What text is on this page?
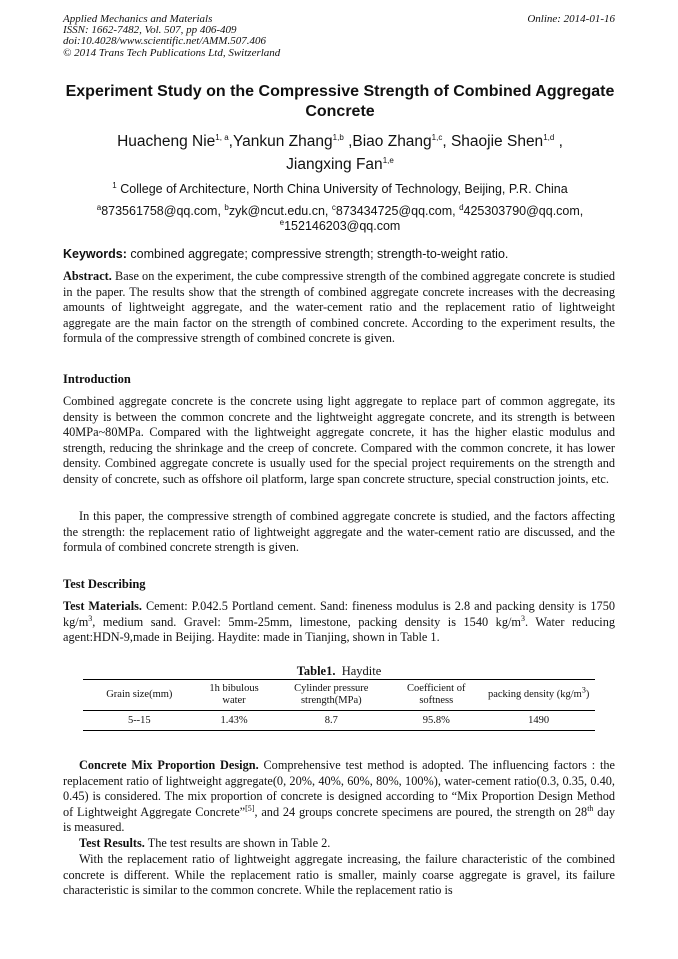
Applied Mechanics and Materials
ISSN: 1662-7482, Vol. 507, pp 406-409
doi:10.4028/www.scientific.net/AMM.507.406
© 2014 Trans Tech Publications Ltd, Switzerland
Online: 2014-01-16
Experiment Study on the Compressive Strength of Combined Aggregate Concrete
Huacheng Nie$^{1, a}$,Yankun Zhang$^{1,b}$ ,Biao Zhang$^{1,c}$, Shaojie Shen$^{1,d}$ ,
Jiangxing Fan$^{1,e}$
$^1$ College of Architecture, North China University of Technology, Beijing, P.R. China
$^a$873561758@qq.com, $^b$zyk@ncut.edu.cn, $^c$873434725@qq.com, $^d$425303790@qq.com,
$^e$152146203@qq.com
Keywords: combined aggregate; compressive strength; strength-to-weight ratio.
Abstract. Base on the experiment, the cube compressive strength of the combined aggregate concrete is studied in the paper. The results show that the strength of combined aggregate concrete increases with the decreasing amounts of lightweight aggregate, and the water-cement ratio and the replacement ratio of lightweight aggregate are the main factor on the strength of combined concrete. According to the experiment results, the formula of the compressive strength of combined concrete is given.
Introduction
Combined aggregate concrete is the concrete using light aggregate to replace part of common aggregate, its density is between the common concrete and the lightweight aggregate concrete, and its strength is between 40MPa~80MPa. Compared with the lightweight aggregate concrete, it has the higher elastic modulus and strength, reducing the shrinkage and the creep of concrete. Compared with the common concrete, it has lower density. Combined aggregate concrete is usually used for the special project requirements on the strength and density of concrete, such as offshore oil platform, large span concrete structure, special construction joints, etc.
In this paper, the compressive strength of combined aggregate concrete is studied, and the factors affecting the strength: the replacement ratio of lightweight aggregate and the water-cement ratio are discussed, and the formula of combined concrete strength is given.
Test Describing
Test Materials. Cement: P.042.5 Portland cement. Sand: fineness modulus is 2.8 and packing density is 1750 $kg/m^3$, medium sand. Gravel: 5mm-25mm, limestone, packing density is 1540 $kg/m^3$. Water reducing agent:HDN-9,made in Beijing. Haydite: made in Tianjing, shown in Table 1.
Table1. Haydite
Grain size(mm)	1h bibulous water	Cylinder pressure strength(MPa)	Coefficient of softness	packing density $(kg/m^3)$
5--15	1.43%	8.7	95.8%	1490
Concrete Mix Proportion Design. Comprehensive test method is adopted. The influencing factors : the replacement ratio of lightweight aggregate(0, 20%, 40%, 60%, 80%, 100%), water-cement ratio(0.3, 0.35, 0.40, 0.45) is considered. The mix proportion of concrete is designed according to “Mix Proportion Design Method of Lightweight Aggregate Concrete”[5], and 24 groups concrete specimens are poured, the strength on 28th day is measured.
Test Results. The test results are shown in Table 2.
With the replacement ratio of lightweight aggregate increasing, the failure characteristic of the combined concrete is different. While the replacement ratio is smaller, mainly coarse aggregate is gravel, its failure characteristic is similar to the common concrete. While the replacement ratio is
